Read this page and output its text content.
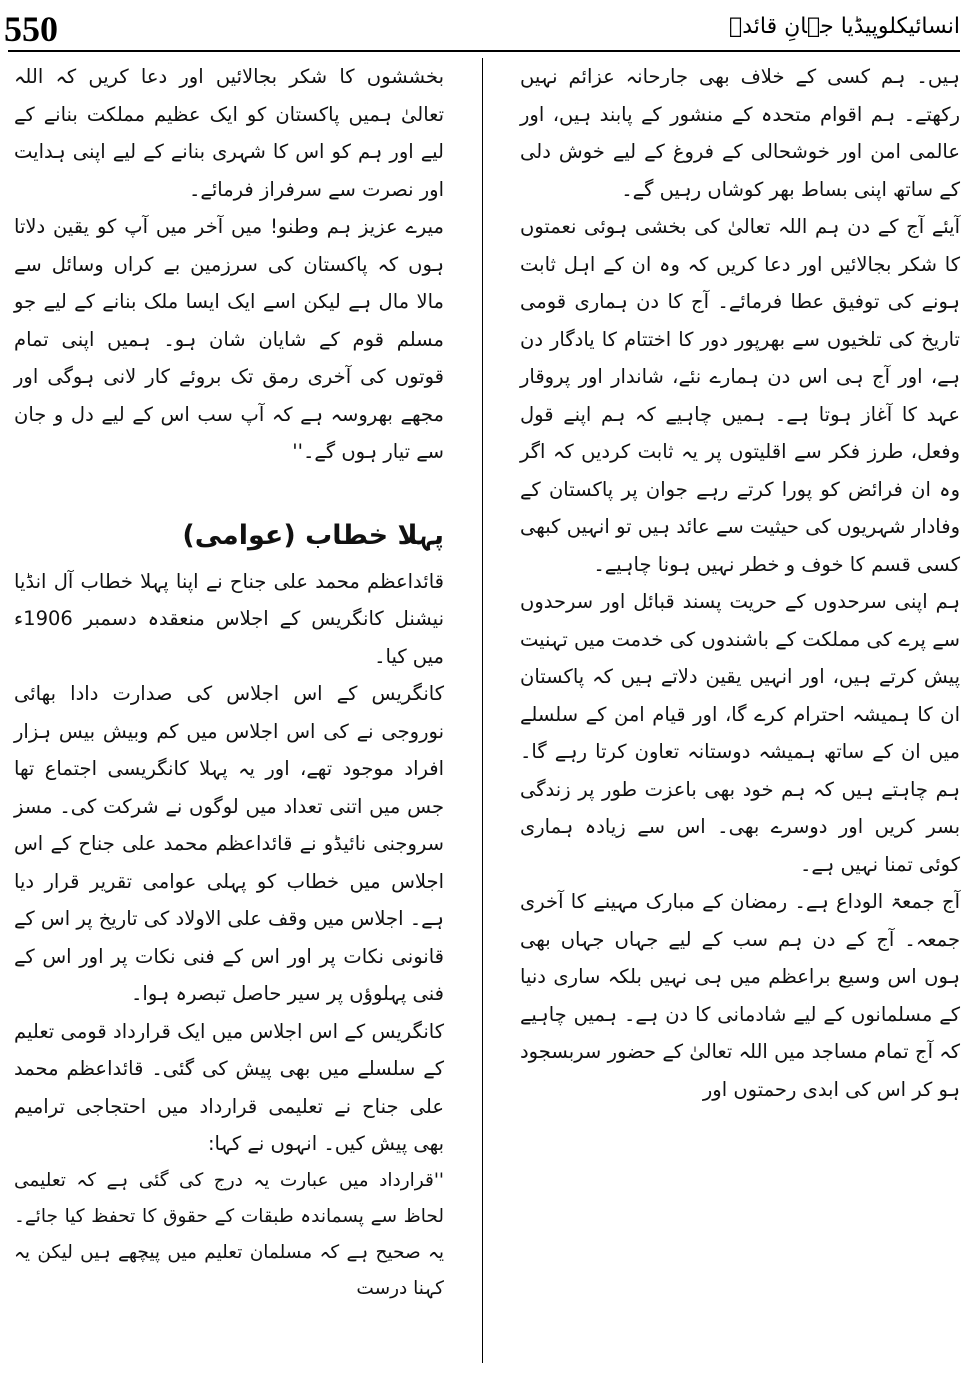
550	انسائیکلوپیڈیا جہانِ قائدؒ

ہیں۔ ہم کسی کے خلاف بھی جارحانہ عزائم نہیں رکھتے۔ ہم اقوام متحدہ کے منشور کے پابند ہیں، اور عالمی امن اور خوشحالی کے فروغ کے لیے خوش دلی کے ساتھ اپنی بساط بھر کوشاں رہیں گے۔

آیئے آج کے دن ہم اللہ تعالیٰ کی بخشی ہوئی نعمتوں کا شکر بجالائیں اور دعا کریں کہ وہ ان کے اہل ثابت ہونے کی توفیق عطا فرمائے۔ آج کا دن ہماری قومی تاریخ کی تلخیوں سے بھرپور دور کا اختتام کا یادگار دن ہے، اور آج ہی اس دن ہمارے نئے، شاندار اور پروقار عہد کا آغاز ہوتا ہے۔ ہمیں چاہیے کہ ہم اپنے قول وفعل، طرز فکر سے اقلیتوں پر یہ ثابت کردیں کہ اگر وہ ان فرائض کو پورا کرتے رہے جوان پر پاکستان کے وفادار شہریوں کی حیثیت سے عائد ہیں تو انہیں کبھی کسی قسم کا خوف و خطر نہیں ہونا چاہیے۔

ہم اپنی سرحدوں کے حریت پسند قبائل اور سرحدوں سے پرے کی مملکت کے باشندوں کی خدمت میں تہنیت پیش کرتے ہیں، اور انہیں یقین دلاتے ہیں کہ پاکستان ان کا ہمیشہ احترام کرے گا، اور قیام امن کے سلسلے میں ان کے ساتھ ہمیشہ دوستانہ تعاون کرتا رہے گا۔ ہم چاہتے ہیں کہ ہم خود بھی باعزت طور پر زندگی بسر کریں اور دوسرے بھی۔ اس سے زیادہ ہماری کوئی تمنا نہیں ہے۔

آج جمعۃ الوداع ہے۔ رمضان کے مبارک مہینے کا آخری جمعہ۔ آج کے دن ہم سب کے لیے جہاں جہاں بھی ہوں اس وسیع براعظم میں ہی نہیں بلکہ ساری دنیا کے مسلمانوں کے لیے شادمانی کا دن ہے۔ ہمیں چاہیے کہ آج تمام مساجد میں اللہ تعالیٰ کے حضور سربسجود ہو کر اس کی ابدی رحمتوں اور

بخششوں کا شکر بجالائیں اور دعا کریں کہ اللہ تعالیٰ ہمیں پاکستان کو ایک عظیم مملکت بنانے کے لیے اور ہم کو اس کا شہری بنانے کے لیے اپنی ہدایت اور نصرت سے سرفراز فرمائے۔

میرے عزیز ہم وطنو! میں آخر میں آپ کو یقین دلاتا ہوں کہ پاکستان کی سرزمین بے کراں وسائل سے مالا مال ہے لیکن اسے ایک ایسا ملک بنانے کے لیے جو مسلم قوم کے شایان شان ہو۔ ہمیں اپنی تمام قوتوں کی آخری رمق تک بروئے کار لانی ہوگی اور مجھے بھروسہ ہے کہ آپ سب اس کے لیے دل و جان سے تیار ہوں گے۔''

پہلا خطاب (عوامی)

قائداعظم محمد علی جناح نے اپنا پہلا خطاب آل انڈیا نیشنل کانگریس کے اجلاس منعقدہ دسمبر 1906ء میں کیا۔

کانگریس کے اس اجلاس کی صدارت دادا بھائی نوروجی نے کی اس اجلاس میں کم وبیش بیس ہزار افراد موجود تھے، اور یہ پہلا کانگریسی اجتماع تھا جس میں اتنی تعداد میں لوگوں نے شرکت کی۔ مسز سروجنی نائیڈو نے قائداعظم محمد علی جناح کے اس اجلاس میں خطاب کو پہلی عوامی تقریر قرار دیا ہے۔ اجلاس میں وقف علی الاولاد کی تاریخ پر اس کے قانونی نکات پر اور اس کے فنی نکات پر اور اس کے فنی پہلوؤں پر سیر حاصل تبصرہ ہوا۔

کانگریس کے اس اجلاس میں ایک قرارداد قومی تعلیم کے سلسلے میں بھی پیش کی گئی۔ قائداعظم محمد علی جناح نے تعلیمی قرارداد میں احتجاجی ترامیم بھی پیش کیں۔ انہوں نے کہا:

''قرارداد میں عبارت یہ درج کی گئی ہے کہ تعلیمی لحاظ سے پسماندہ طبقات کے حقوق کا تحفظ کیا جائے۔ یہ صحیح ہے کہ مسلمان تعلیم میں پیچھے ہیں لیکن یہ کہنا درست
